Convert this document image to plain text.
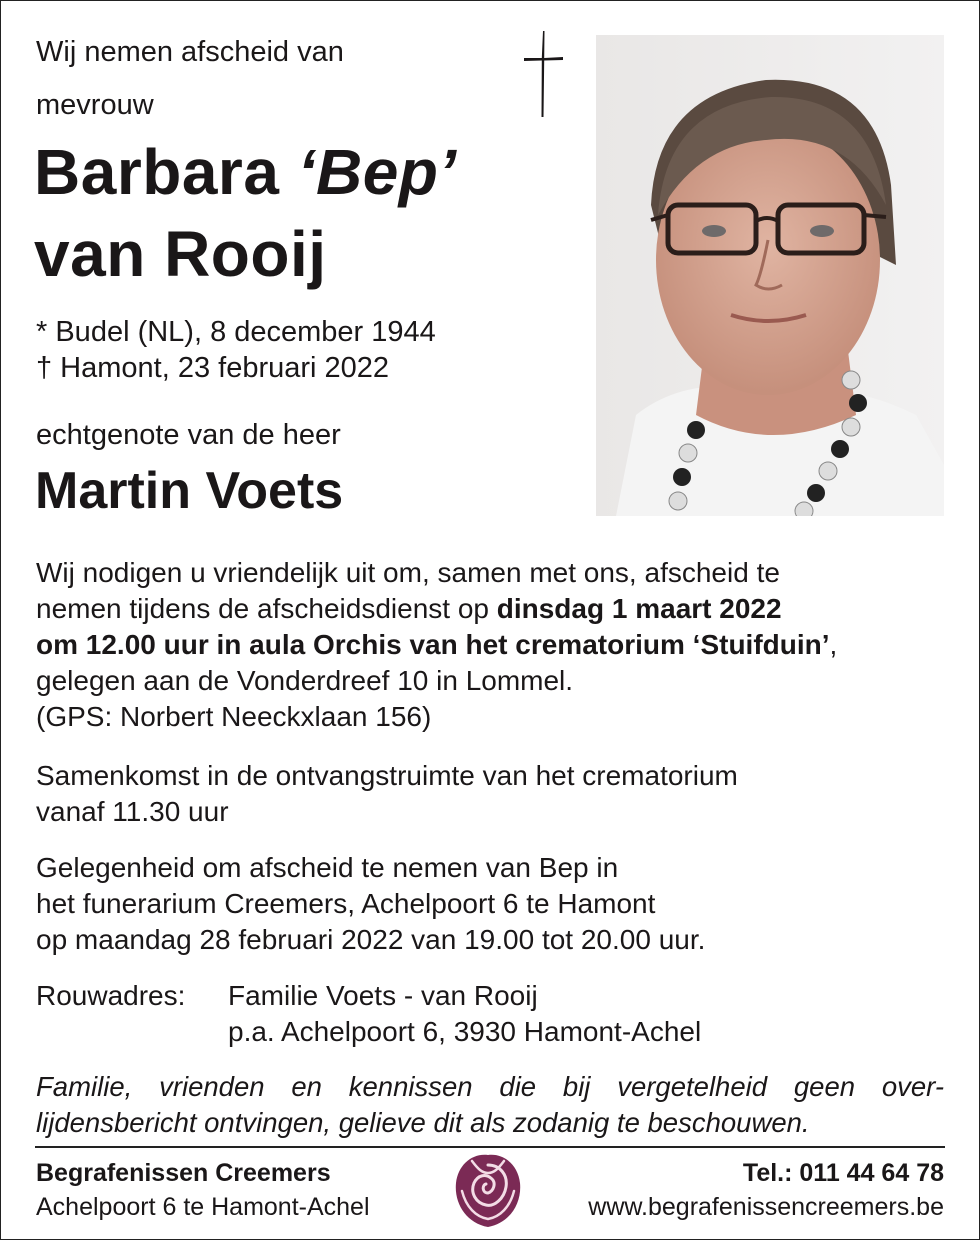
Wij nemen afscheid van
mevrouw
Barbara ‘Bep’
van Rooij
* Budel (NL), 8 december 1944
† Hamont, 23 februari 2022
echtgenote van de heer
Martin Voets
Wij nodigen u vriendelijk uit om, samen met ons, afscheid te
nemen tijdens de afscheidsdienst op dinsdag 1 maart 2022
om 12.00 uur in aula Orchis van het crematorium ‘Stuifduin’,
gelegen aan de Vonderdreef 10 in Lommel.
(GPS: Norbert Neeckxlaan 156)
Samenkomst in de ontvangstruimte van het crematorium
vanaf 11.30 uur
Gelegenheid om afscheid te nemen van Bep in
het funerarium Creemers, Achelpoort 6 te Hamont
op maandag 28 februari 2022 van 19.00 tot 20.00 uur.
Rouwadres: Familie Voets - van Rooij
p.a. Achelpoort 6, 3930 Hamont-Achel
Familie, vrienden en kennissen die bij vergetelheid geen over-lijdensbericht ontvingen, gelieve dit als zodanig te beschouwen.
Begrafenissen Creemers
Achelpoort 6 te Hamont-Achel
Tel.: 011 44 64 78
www.begrafenissencreemers.be
